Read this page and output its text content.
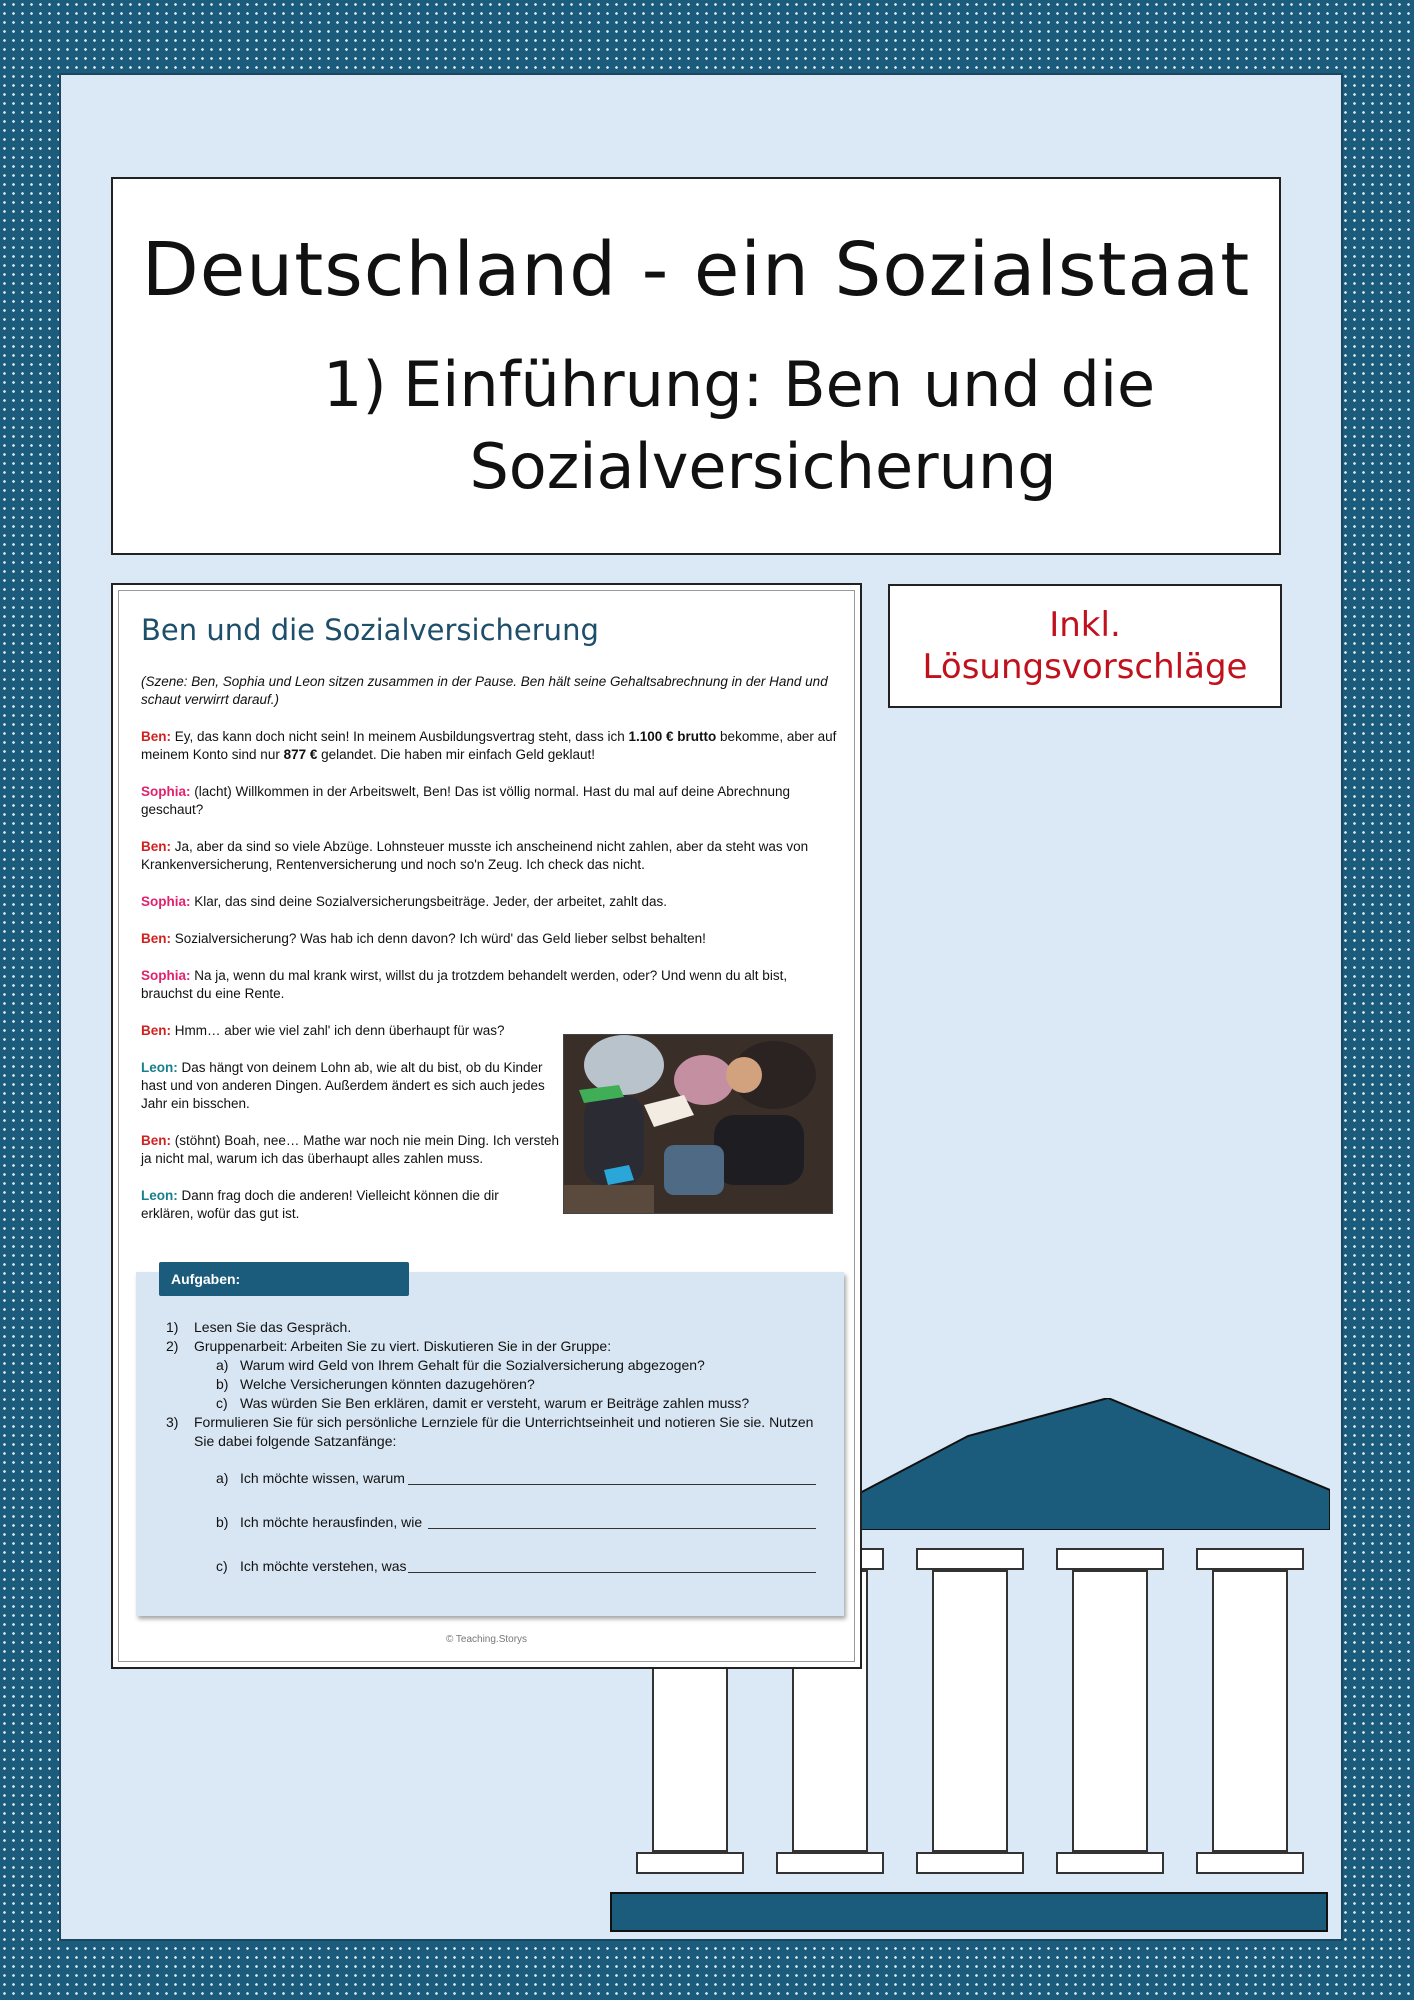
Deutschland - ein Sozialstaat
1) Einführung: Ben und die
Sozialversicherung
Inkl.
Lösungsvorschläge
Ben und die Sozialversicherung
(Szene: Ben, Sophia und Leon sitzen zusammen in der Pause. Ben hält seine Gehaltsabrechnung in der Hand und schaut verwirrt darauf.)
Ben: Ey, das kann doch nicht sein! In meinem Ausbildungsvertrag steht, dass ich 1.100 € brutto bekomme, aber auf meinem Konto sind nur 877 € gelandet. Die haben mir einfach Geld geklaut!
Sophia: (lacht) Willkommen in der Arbeitswelt, Ben! Das ist völlig normal. Hast du mal auf deine Abrechnung geschaut?
Ben: Ja, aber da sind so viele Abzüge. Lohnsteuer musste ich anscheinend nicht zahlen, aber da steht was von Krankenversicherung, Rentenversicherung und noch so'n Zeug. Ich check das nicht.
Sophia: Klar, das sind deine Sozialversicherungsbeiträge. Jeder, der arbeitet, zahlt das.
Ben: Sozialversicherung? Was hab ich denn davon? Ich würd' das Geld lieber selbst behalten!
Sophia: Na ja, wenn du mal krank wirst, willst du ja trotzdem behandelt werden, oder? Und wenn du alt bist, brauchst du eine Rente.
Ben: Hmm… aber wie viel zahl' ich denn überhaupt für was?
Leon: Das hängt von deinem Lohn ab, wie alt du bist, ob du Kinder hast und von anderen Dingen. Außerdem ändert es sich auch jedes Jahr ein bisschen.
Ben: (stöhnt) Boah, nee… Mathe war noch nie mein Ding. Ich versteh ja nicht mal, warum ich das überhaupt alles zahlen muss.
Leon: Dann frag doch die anderen! Vielleicht können die dir erklären, wofür das gut ist.
Aufgaben:
1)	Lesen Sie das Gespräch.
2)	Gruppenarbeit: Arbeiten Sie zu viert. Diskutieren Sie in der Gruppe:
a) Warum wird Geld von Ihrem Gehalt für die Sozialversicherung abgezogen?
b) Welche Versicherungen könnten dazugehören?
c) Was würden Sie Ben erklären, damit er versteht, warum er Beiträge zahlen muss?
3)	Formulieren Sie für sich persönliche Lernziele für die Unterrichtseinheit und notieren Sie sie. Nutzen Sie dabei folgende Satzanfänge:
a) Ich möchte wissen, warum
b) Ich möchte herausfinden, wie
c) Ich möchte verstehen, was
© Teaching.Storys
